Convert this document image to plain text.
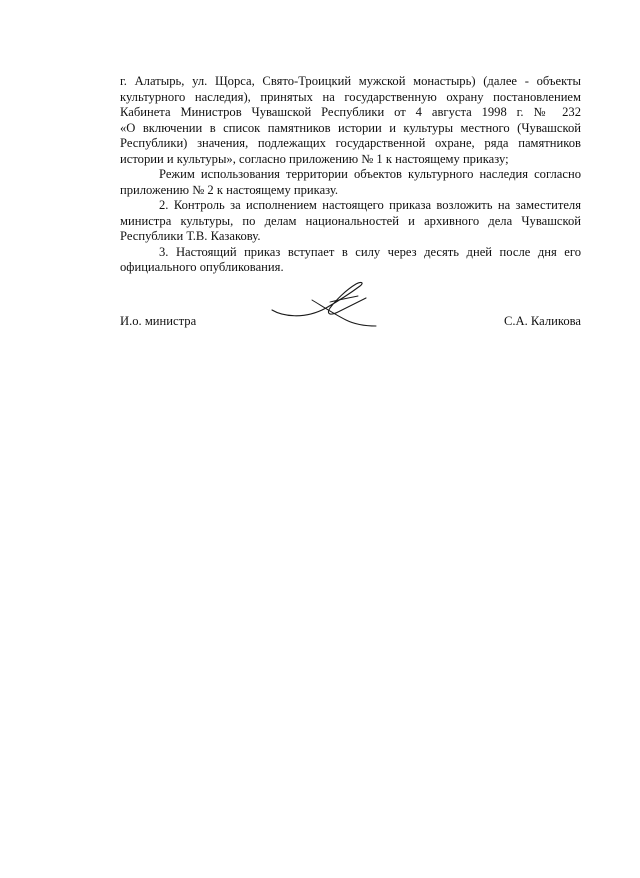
г. Алатырь, ул. Щорса, Свято-Троицкий мужской монастырь) (далее - объекты
культурного наследия), принятых на государственную охрану постановлением
Кабинета Министров Чувашской Республики от 4 августа 1998 г. № 232
«О включении в список памятников истории и культуры местного (Чувашской
Республики) значения, подлежащих государственной охране, ряда памятников
истории и культуры», согласно приложению № 1 к настоящему приказу;
Режим использования территории объектов культурного наследия согласно
приложению № 2 к настоящему приказу.
2. Контроль за исполнением настоящего приказа возложить на заместителя
министра культуры, по делам национальностей и архивного дела Чувашской
Республики Т.В. Казакову.
3. Настоящий приказ вступает в силу через десять дней после дня его
официального опубликования.
И.о. министра	С.А. Каликова
